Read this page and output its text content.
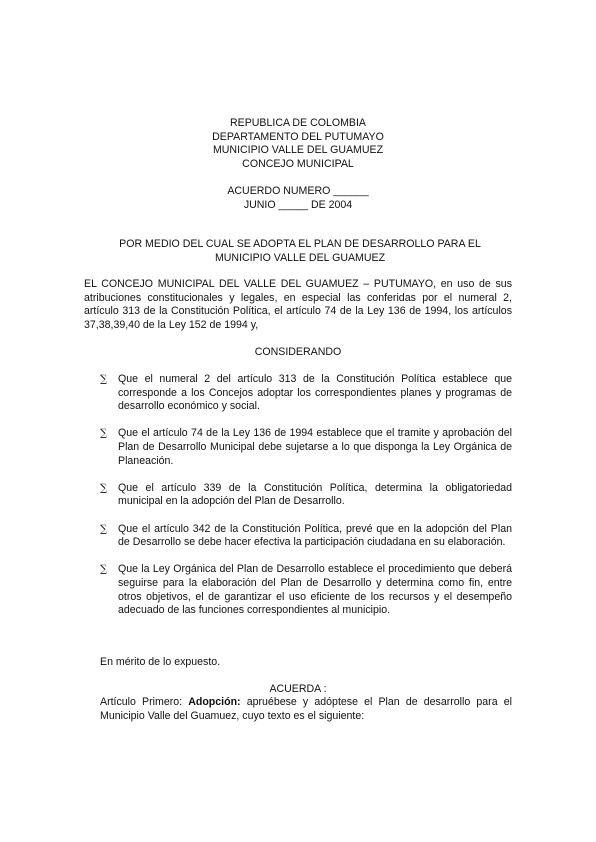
REPUBLICA DE COLOMBIA
DEPARTAMENTO DEL PUTUMAYO
MUNICIPIO VALLE DEL GUAMUEZ
CONCEJO MUNICIPAL
ACUERDO NUMERO ______
JUNIO _____ DE 2004
POR MEDIO DEL CUAL SE ADOPTA EL PLAN DE DESARROLLO PARA EL
MUNICIPIO VALLE DEL GUAMUEZ
EL CONCEJO MUNICIPAL DEL VALLE DEL GUAMUEZ – PUTUMAYO, en uso de sus atribuciones constitucionales y legales, en especial las conferidas por el numeral 2, artículo 313 de la Constitución Política, el artículo 74 de la Ley 136 de 1994, los artículos 37,38,39,40 de la Ley 152 de 1994 y,
CONSIDERANDO
∑ Que el numeral 2 del artículo 313 de la Constitución Política establece que corresponde a los Concejos adoptar los correspondientes planes y programas de desarrollo económico y social.
∑ Que el artículo 74 de la Ley 136 de 1994 establece que el tramite y aprobación del Plan de Desarrollo Municipal debe sujetarse a lo que disponga la Ley Orgánica de Planeación.
∑ Que el artículo 339 de la Constitución Política, determina la obligatoriedad municipal en la adopción del Plan de Desarrollo.
∑ Que el artículo 342 de la Constitución Política, prevé que en la adopción del Plan de Desarrollo se debe hacer efectiva la participación ciudadana en su elaboración.
∑ Que la Ley Orgánica del Plan de Desarrollo establece el procedimiento que deberá seguirse para la elaboración del Plan de Desarrollo y determina como fin, entre otros objetivos, el de garantizar el uso eficiente de los recursos y el desempeño adecuado de las funciones correspondientes al municipio.
En mérito de lo expuesto.
ACUERDA :
Artículo Primero: Adopción: apruébese y adóptese el Plan de desarrollo para el Municipio Valle del Guamuez, cuyo texto es el siguiente:
